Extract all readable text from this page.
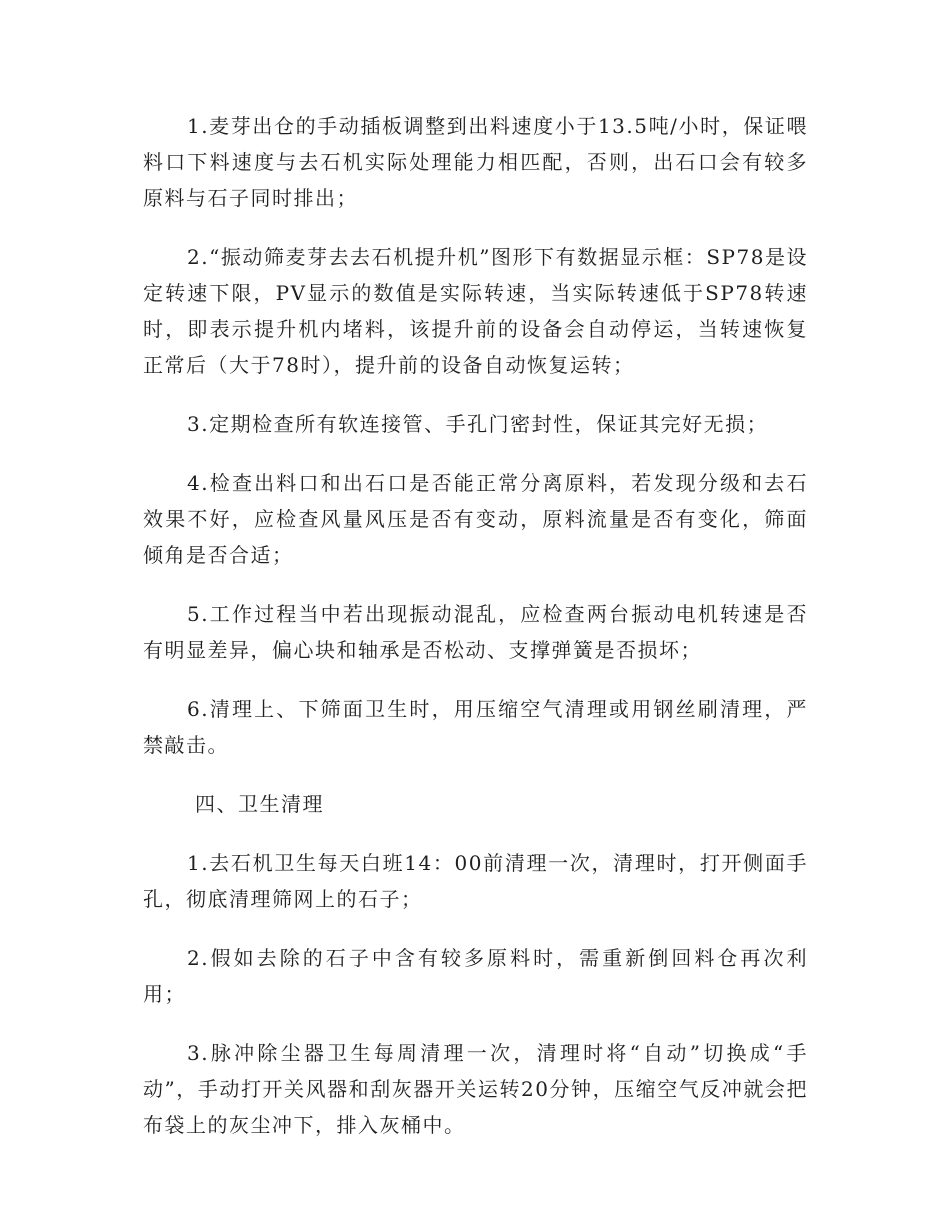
1.麦芽出仓的手动插板调整到出料速度小于13.5吨/小时，保证喂料口下料速度与去石机实际处理能力相匹配，否则，出石口会有较多原料与石子同时排出；

2.“振动筛麦芽去去石机提升机”图形下有数据显示框：SP78是设定转速下限，PV显示的数值是实际转速，当实际转速低于SP78转速时，即表示提升机内堵料，该提升前的设备会自动停运，当转速恢复正常后（大于78时），提升前的设备自动恢复运转；

3.定期检查所有软连接管、手孔门密封性，保证其完好无损；

4.检查出料口和出石口是否能正常分离原料，若发现分级和去石效果不好，应检查风量风压是否有变动，原料流量是否有变化，筛面倾角是否合适；

5.工作过程当中若出现振动混乱，应检查两台振动电机转速是否有明显差异，偏心块和轴承是否松动、支撑弹簧是否损坏；

6.清理上、下筛面卫生时，用压缩空气清理或用钢丝刷清理，严禁敲击。

四、卫生清理

1.去石机卫生每天白班14：00前清理一次，清理时，打开侧面手孔，彻底清理筛网上的石子；

2.假如去除的石子中含有较多原料时，需重新倒回料仓再次利用；

3.脉冲除尘器卫生每周清理一次，清理时将“自动”切换成“手动”，手动打开关风器和刮灰器开关运转20分钟，压缩空气反冲就会把布袋上的灰尘冲下，排入灰桶中。
